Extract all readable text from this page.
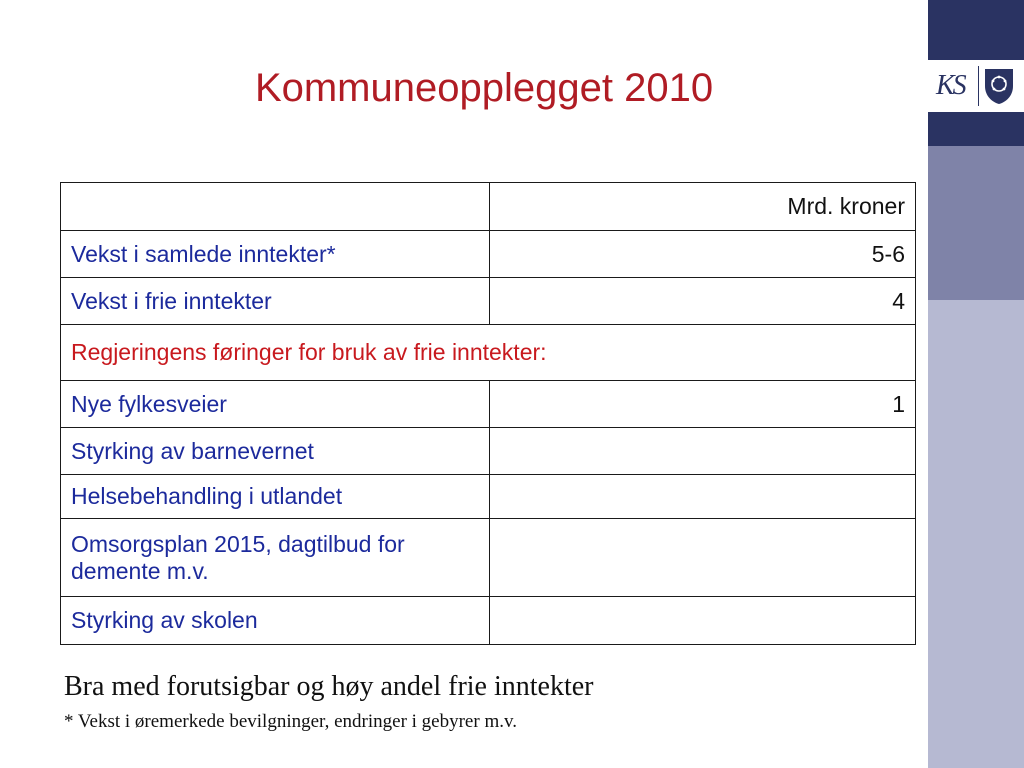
KS
Kommuneopplegget 2010
	Mrd. kroner
Vekst i samlede inntekter*	5-6
Vekst i frie inntekter	4
Regjeringens føringer for bruk av frie inntekter:	
Nye fylkesveier	1
Styrking av barnevernet	
Helsebehandling i utlandet	
Omsorgsplan 2015, dagtilbud for demente m.v.	
Styrking av skolen	
Bra med forutsigbar og høy andel frie inntekter
* Vekst i øremerkede bevilgninger, endringer i gebyrer m.v.
